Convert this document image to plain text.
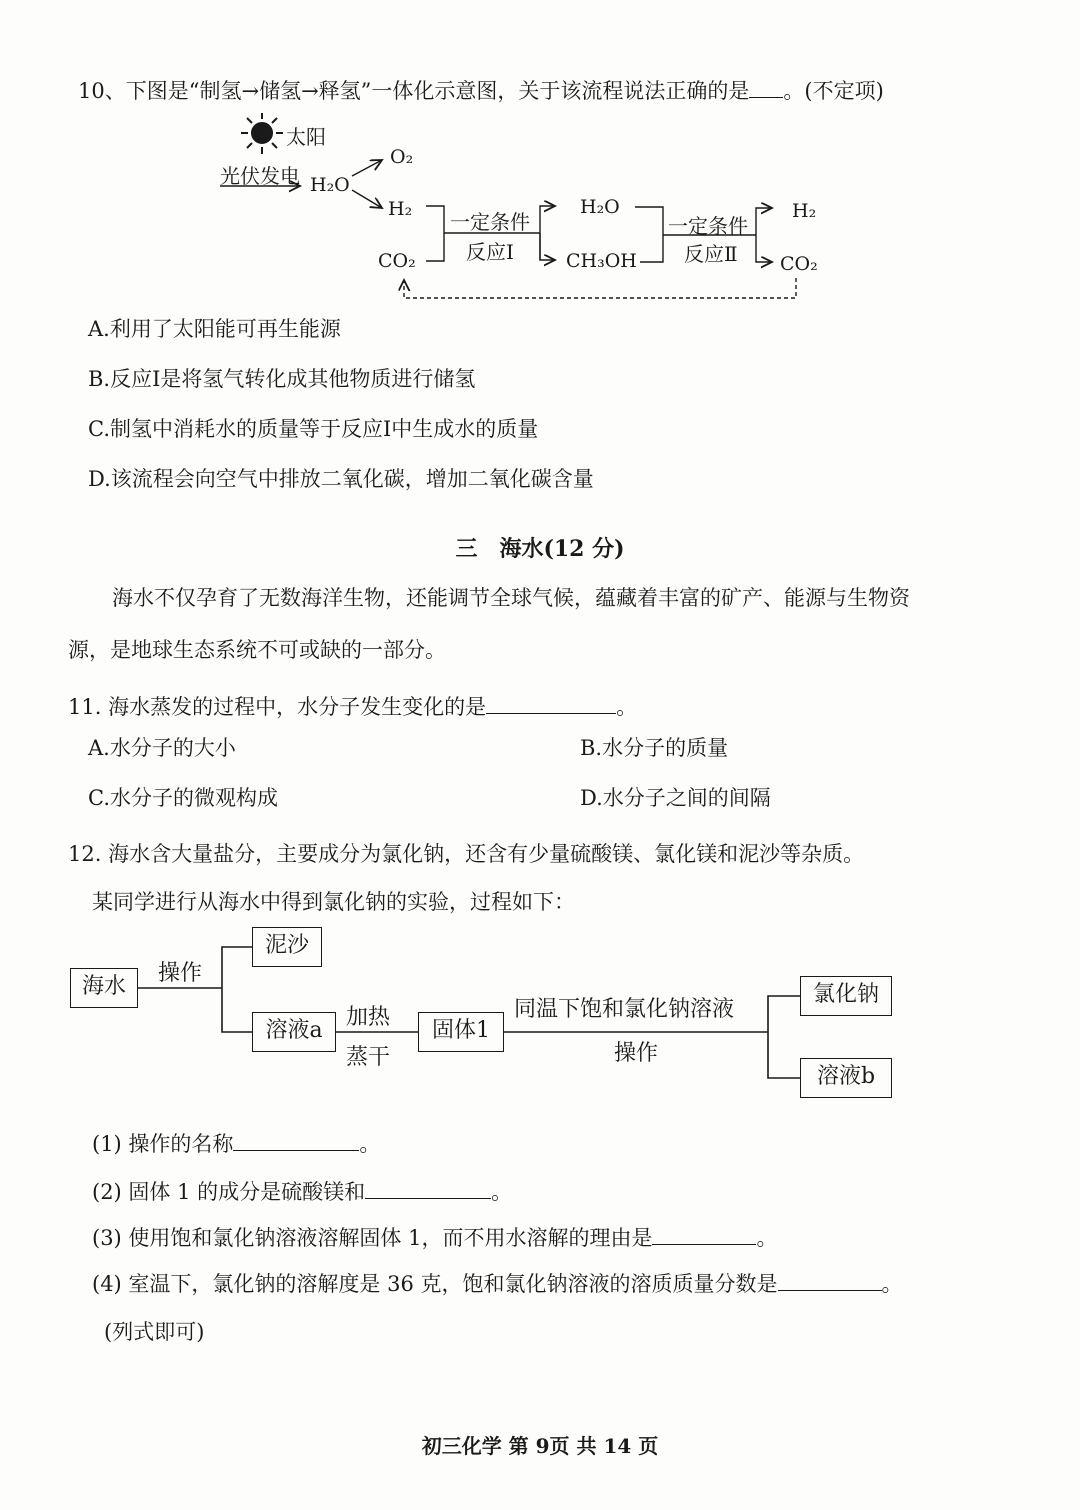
10、下图是“制氢→储氢→释氢”一体化示意图，关于该流程说法正确的是 。(不定项)
太阳
光伏发电 H₂O
O₂
H₂
CO₂
一定条件
反应Ⅰ
H₂O
CH₃OH
一定条件
反应Ⅱ
H₂
CO₂
A.利用了太阳能可再生能源
B.反应Ⅰ是将氢气转化成其他物质进行储氢
C.制氢中消耗水的质量等于反应Ⅰ中生成水的质量
D.该流程会向空气中排放二氧化碳，增加二氧化碳含量
三　海水(12 分)
海水不仅孕育了无数海洋生物，还能调节全球气候，蕴藏着丰富的矿产、能源与生物资
源，是地球生态系统不可或缺的一部分。
11. 海水蒸发的过程中，水分子发生变化的是	。
A.水分子的大小	B.水分子的质量
C.水分子的微观构成	D.水分子之间的间隔
12. 海水含大量盐分，主要成分为氯化钠，还含有少量硫酸镁、氯化镁和泥沙等杂质。
某同学进行从海水中得到氯化钠的实验，过程如下：
海水
操作
泥沙
溶液a
加热
蒸干
固体1
同温下饱和氯化钠溶液
操作
氯化钠
溶液b
(1) 操作的名称	。
(2) 固体 1 的成分是硫酸镁和	。
(3) 使用饱和氯化钠溶液溶解固体 1，而不用水溶解的理由是	。
(4) 室温下，氯化钠的溶解度是 36 克，饱和氯化钠溶液的溶质质量分数是	。
(列式即可)
初三化学 第 9页 共 14 页
